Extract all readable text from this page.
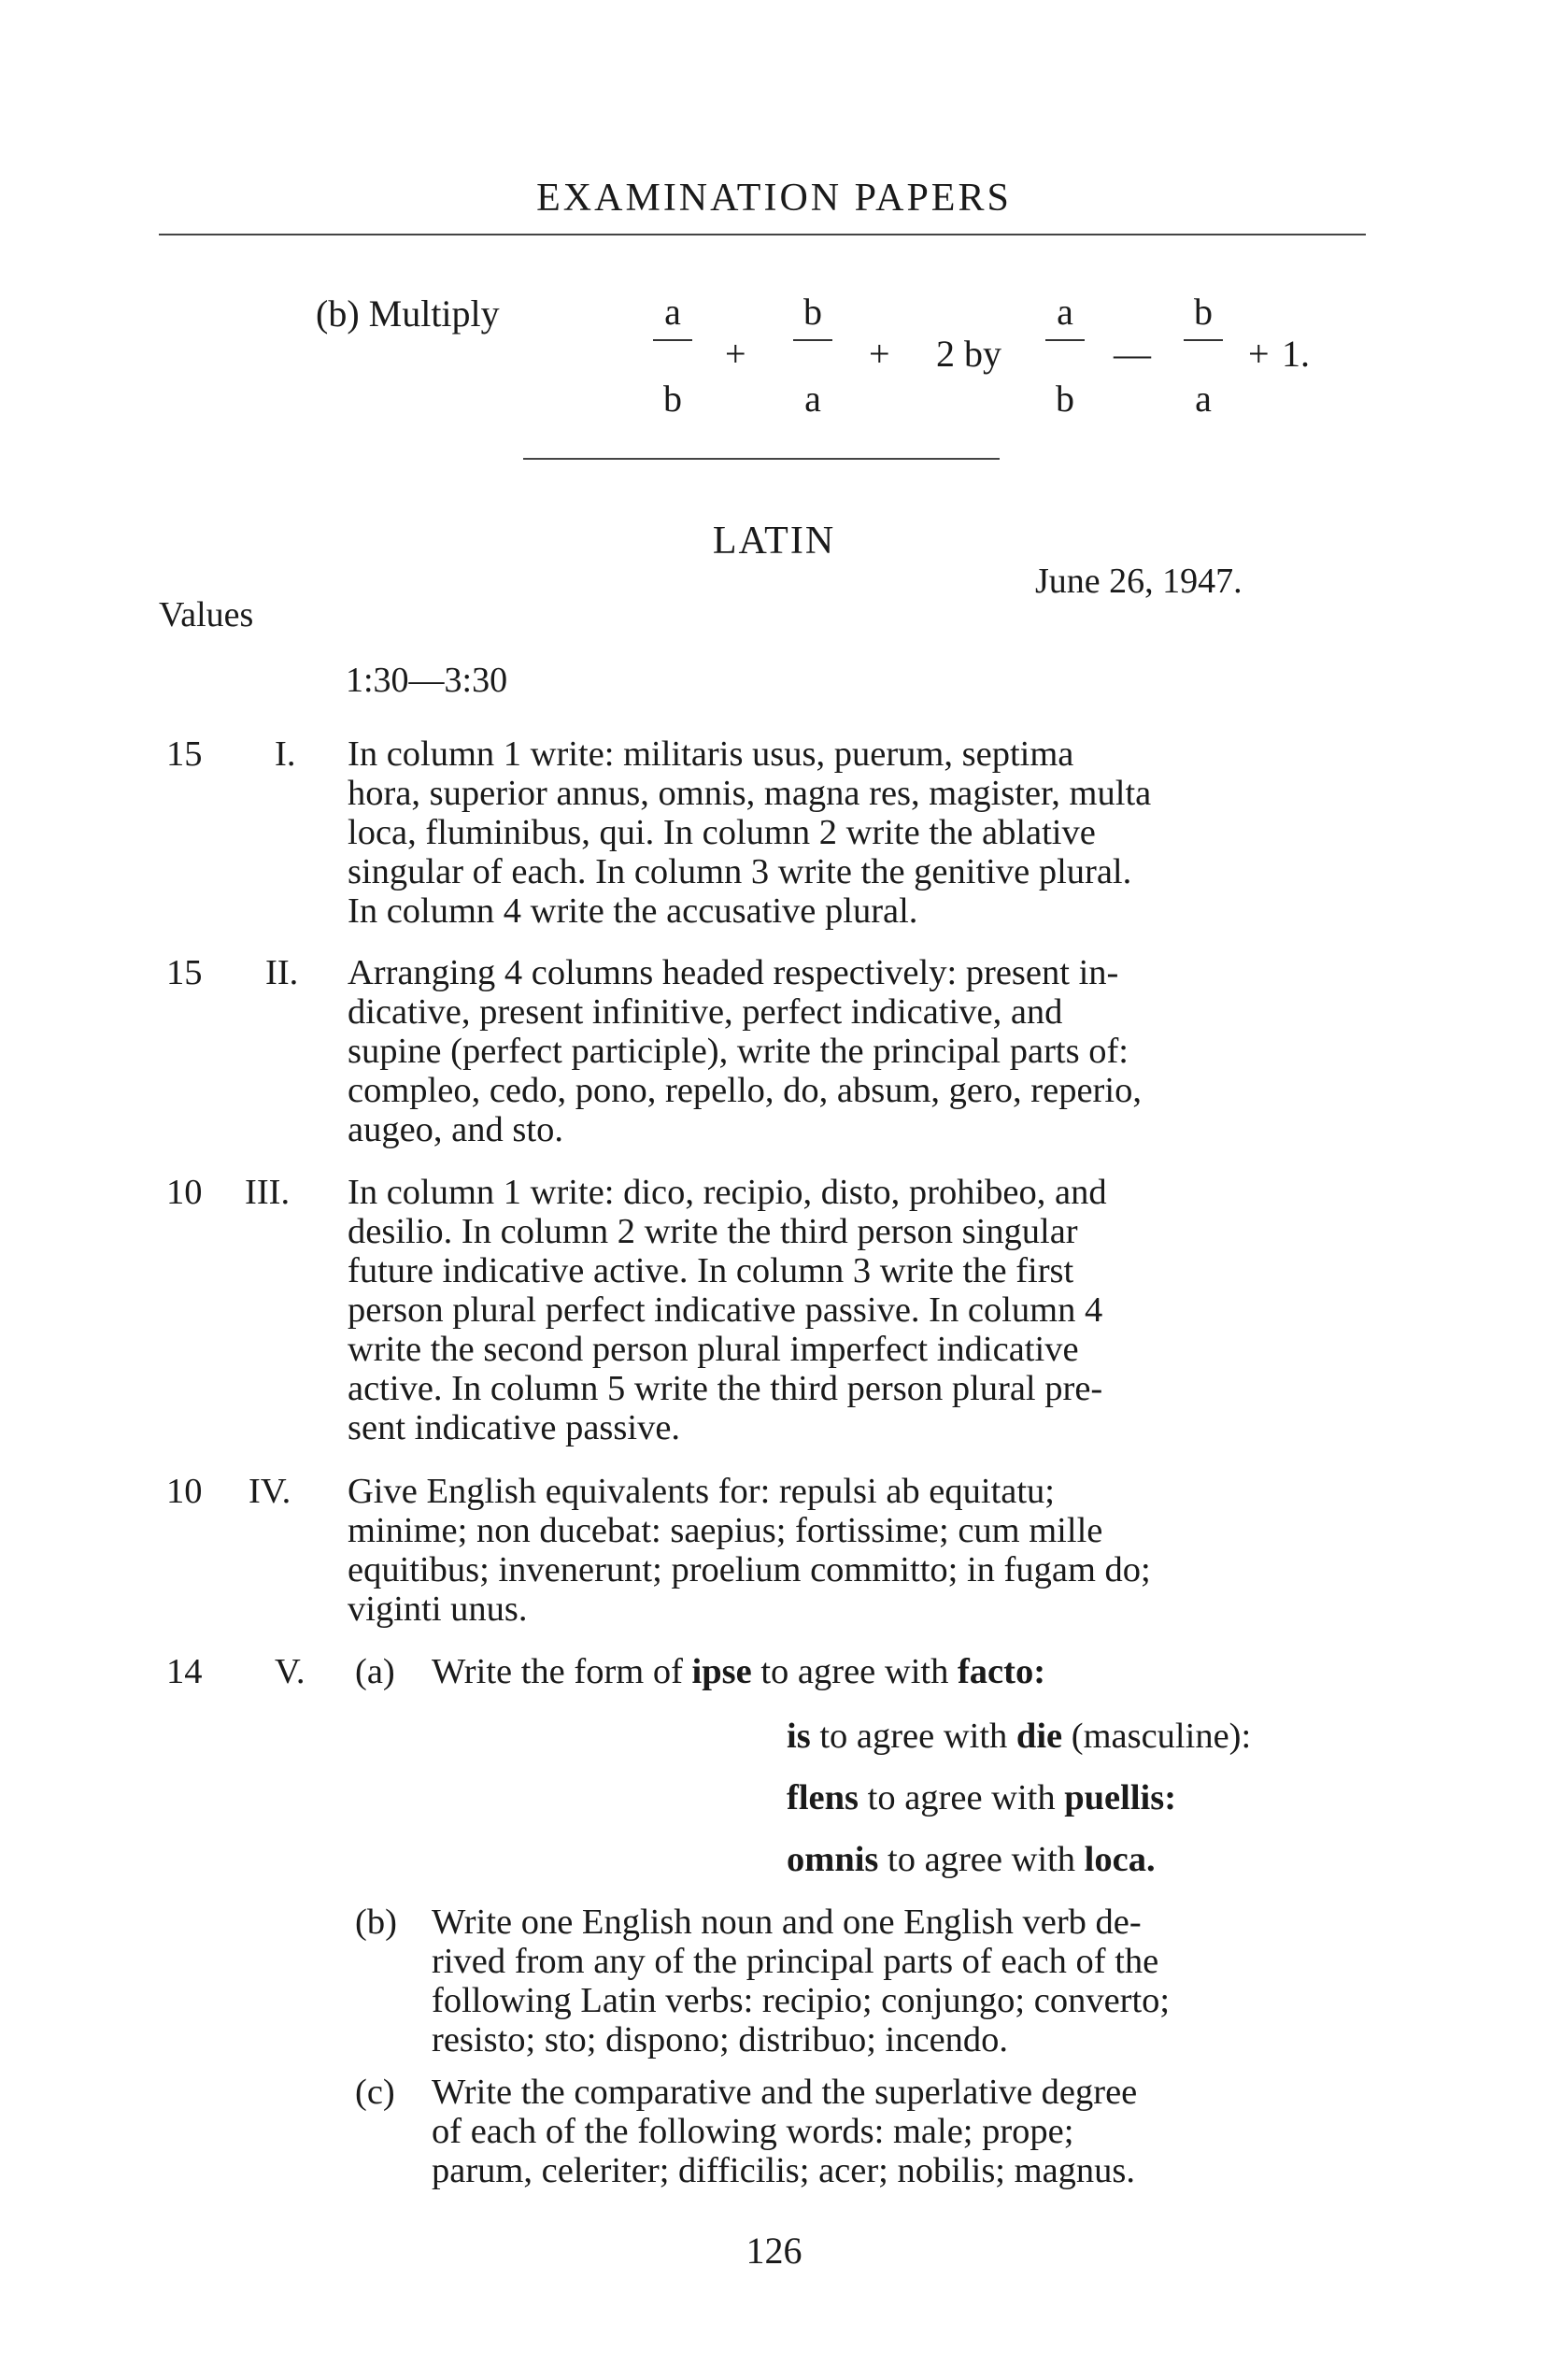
EXAMINATION PAPERS
(b) Multiply	a
b
+
b
a
+ 2 by
a
b
—
b
a
+ 1.
LATIN
June 26, 1947.
Values
1:30—3:30
15 I. In column 1 write: militaris usus, puerum, septima

hora, superior annus, omnis, magna res, magister, multa

loca, fluminibus, qui. In column 2 write the ablative

singular of each. In column 3 write the genitive plural.

In column 4 write the accusative plural.

15 II. Arranging 4 columns headed respectively: present in-

dicative, present infinitive, perfect indicative, and

supine (perfect participle), write the principal parts of:

compleo, cedo, pono, repello, do, absum, gero, reperio,

augeo, and sto.

10 III. In column 1 write: dico, recipio, disto, prohibeo, and

desilio. In column 2 write the third person singular

future indicative active. In column 3 write the first

person plural perfect indicative passive. In column 4

write the second person plural imperfect indicative

active. In column 5 write the third person plural pre-

sent indicative passive.

10 IV. Give English equivalents for: repulsi ab equitatu;

minime; non ducebat: saepius; fortissime; cum mille

equitibus; invenerunt; proelium committo; in fugam do;

viginti unus.

14 V. (a) Write the form of ipse to agree with facto:
is to agree with die (masculine):
flens to agree with puellis:
omnis to agree with loca.
(b) Write one English noun and one English verb de-
rived from any of the principal parts of each of the
following Latin verbs: recipio; conjungo; converto;
resisto; sto; dispono; distribuo; incendo.
(c) Write the comparative and the superlative degree
of each of the following words: male; prope;
parum, celeriter; difficilis; acer; nobilis; magnus.
126
